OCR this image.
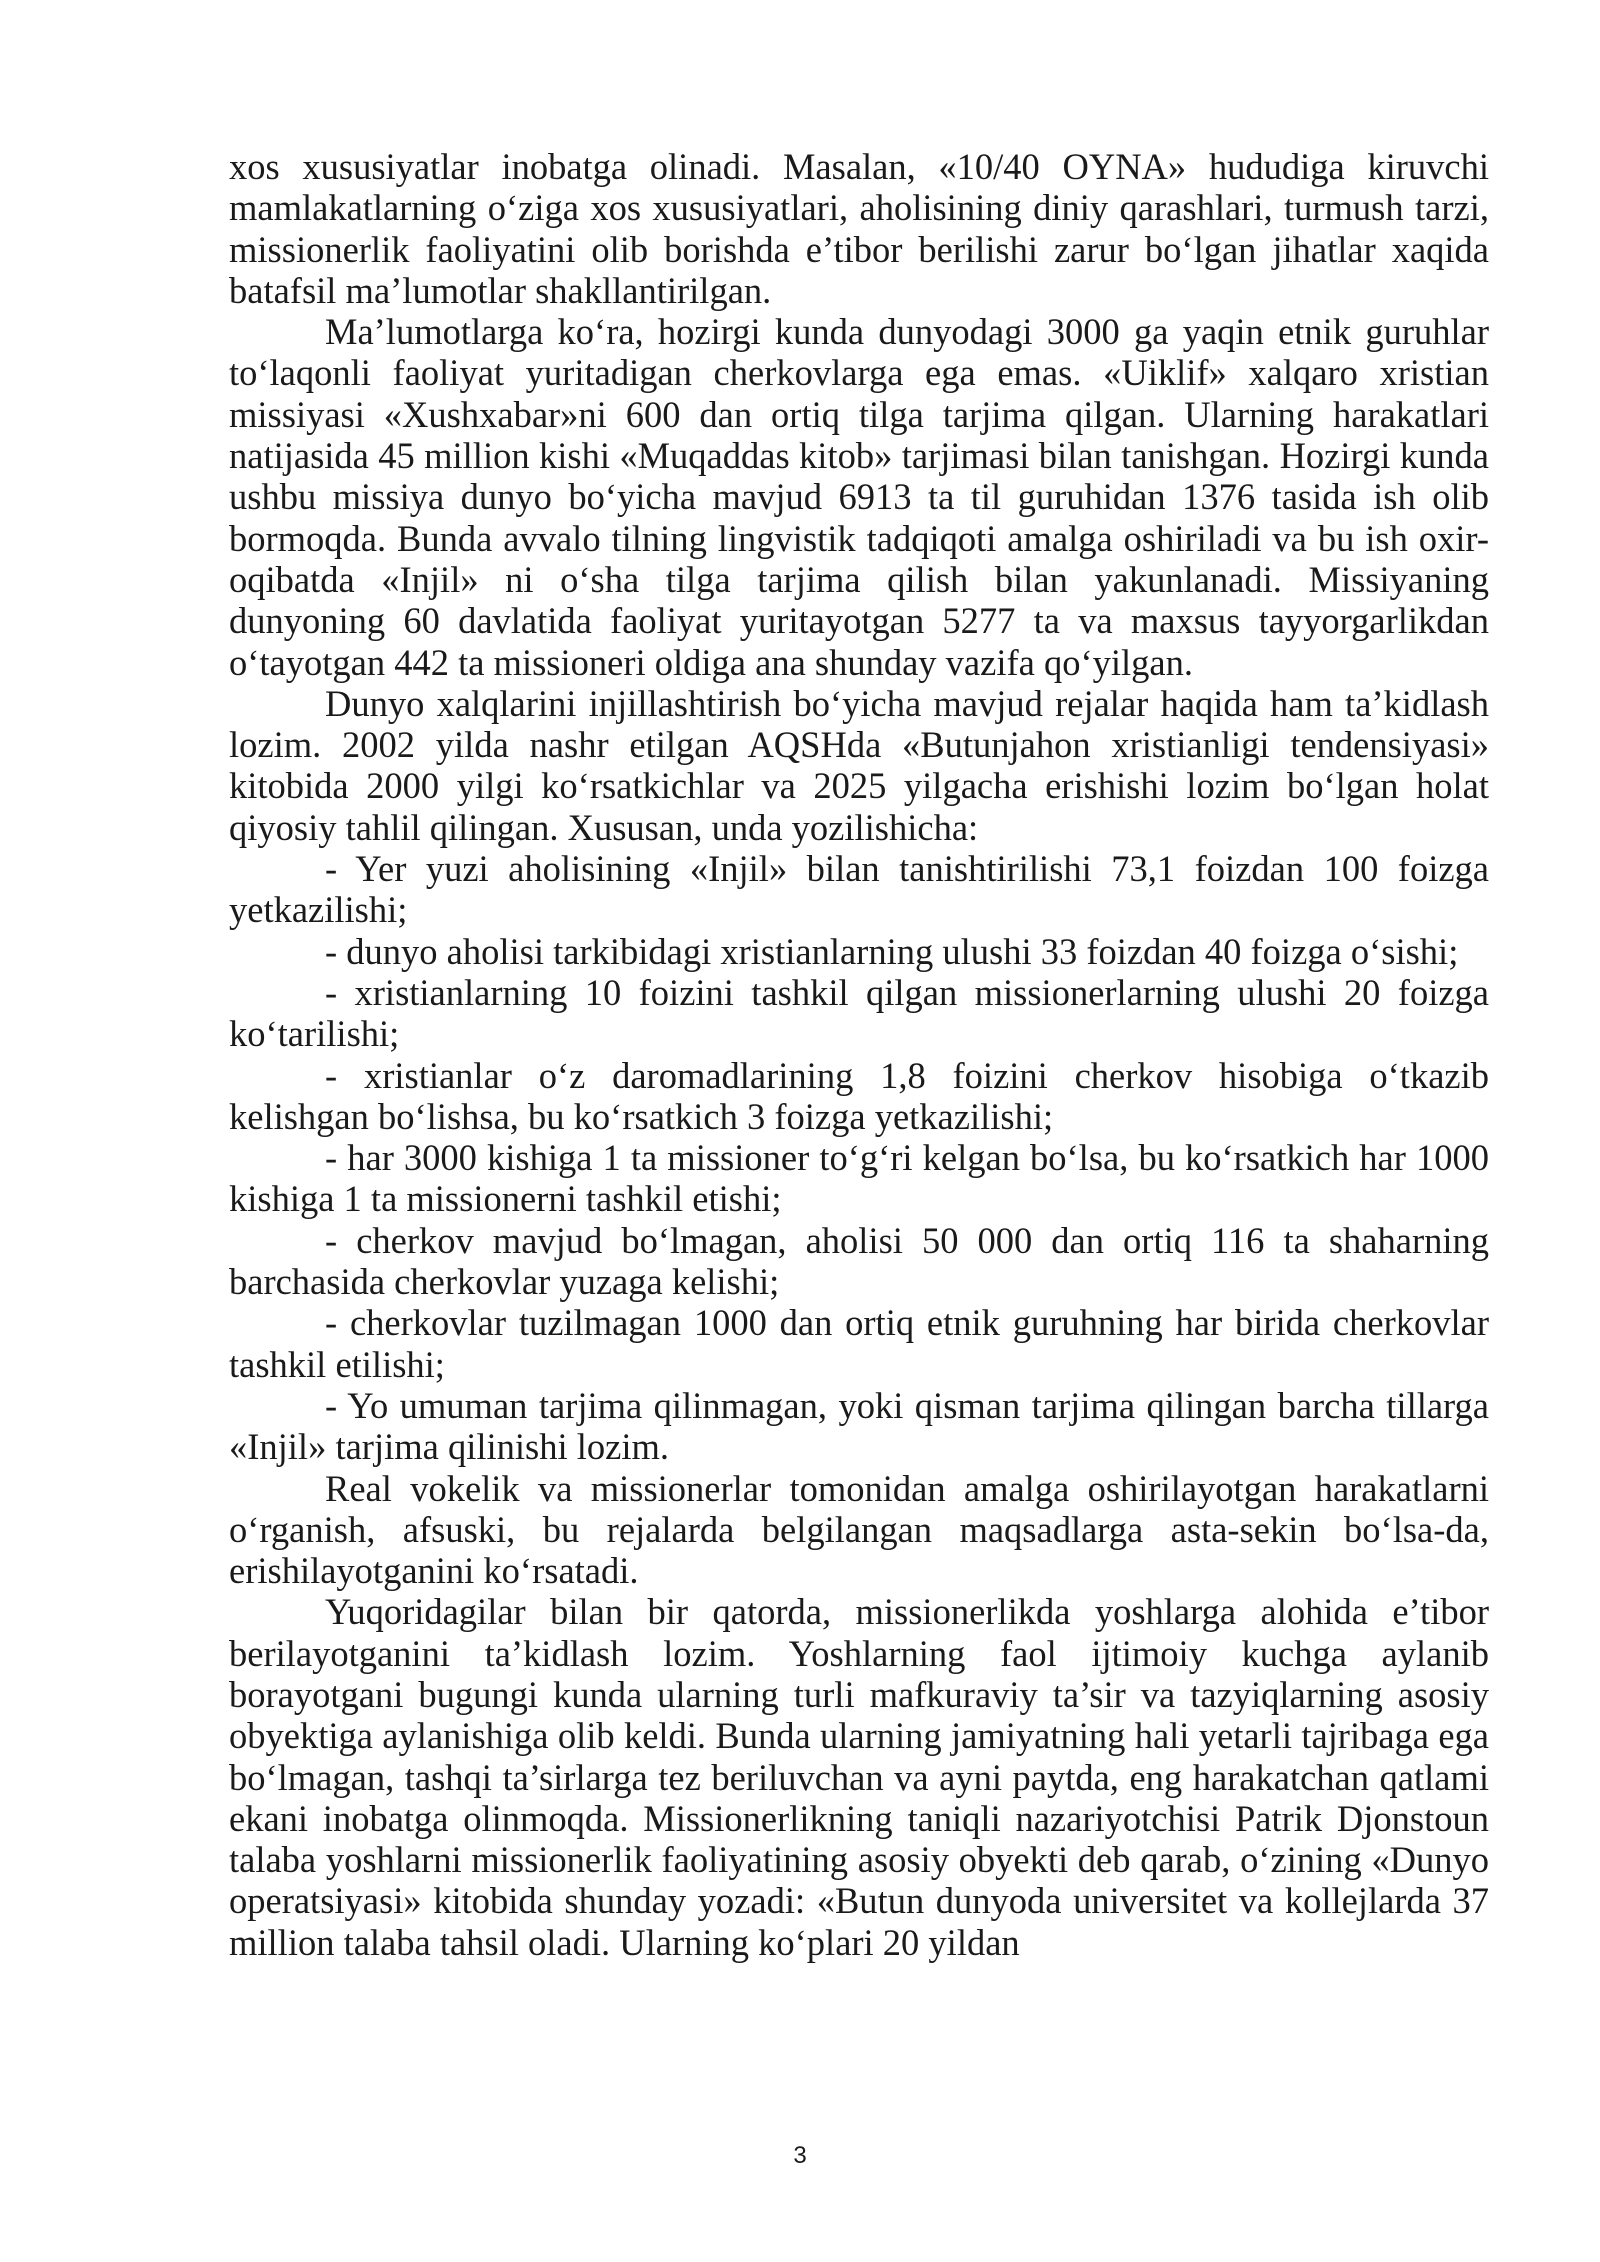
xos xususiyatlar inobatga olinadi. Masalan, «10/40 OYNA» hududiga kiruvchi mamlakatlarning o‘ziga xos xususiyatlari, aholisining diniy qarashlari, turmush tarzi, missionerlik faoliyatini olib borishda e’tibor berilishi zarur bo‘lgan jihatlar xaqida batafsil ma’lumotlar shakllantirilgan.

Ma’lumotlarga ko‘ra, hozirgi kunda dunyodagi 3000 ga yaqin etnik guruhlar to‘laqonli faoliyat yuritadigan cherkovlarga ega emas. «Uiklif» xalqaro xristian missiyasi «Xushxabar»ni 600 dan ortiq tilga tarjima qilgan. Ularning harakatlari natijasida 45 million kishi «Muqaddas kitob» tarjimasi bilan tanishgan. Hozirgi kunda ushbu missiya dunyo bo‘yicha mavjud 6913 ta til guruhidan 1376 tasida ish olib bormoqda. Bunda avvalo tilning lingvistik tadqiqoti amalga oshiriladi va bu ish oxir-oqibatda «Injil» ni o‘sha tilga tarjima qilish bilan yakunlanadi. Missiyaning dunyoning 60 davlatida faoliyat yuritayotgan 5277 ta va maxsus tayyorgarlikdan o‘tayotgan 442 ta missioneri oldiga ana shunday vazifa qo‘yilgan.

Dunyo xalqlarini injillashtirish bo‘yicha mavjud rejalar haqida ham ta’kidlash lozim. 2002 yilda nashr etilgan AQSHda «Butunjahon xristianligi tendensiyasi» kitobida 2000 yilgi ko‘rsatkichlar va 2025 yilgacha erishishi lozim bo‘lgan holat qiyosiy tahlil qilingan. Xususan, unda yozilishicha:

- Yer yuzi aholisining «Injil» bilan tanishtirilishi 73,1 foizdan 100 foizga yetkazilishi;

- dunyo aholisi tarkibidagi xristianlarning ulushi 33 foizdan 40 foizga o‘sishi;

- xristianlarning 10 foizini tashkil qilgan missionerlarning ulushi 20 foizga ko‘tarilishi;

- xristianlar o‘z daromadlarining 1,8 foizini cherkov hisobiga o‘tkazib kelishgan bo‘lishsa, bu ko‘rsatkich 3 foizga yetkazilishi;

- har 3000 kishiga 1 ta missioner to‘g‘ri kelgan bo‘lsa, bu ko‘rsatkich har 1000 kishiga 1 ta missionerni tashkil etishi;

- cherkov mavjud bo‘lmagan, aholisi 50 000 dan ortiq 116 ta shaharning barchasida cherkovlar yuzaga kelishi;

- cherkovlar tuzilmagan 1000 dan ortiq etnik guruhning har birida cherkovlar tashkil etilishi;

- Yo umuman tarjima qilinmagan, yoki qisman tarjima qilingan barcha tillarga «Injil» tarjima qilinishi lozim.

Real vokelik va missionerlar tomonidan amalga oshirilayotgan harakatlarni o‘rganish, afsuski, bu rejalarda belgilangan maqsadlarga asta-sekin bo‘lsa-da, erishilayotganini ko‘rsatadi.

Yuqoridagilar bilan bir qatorda, missionerlikda yoshlarga alohida e’tibor berilayotganini ta’kidlash lozim. Yoshlarning faol ijtimoiy kuchga aylanib borayotgani bugungi kunda ularning turli mafkuraviy ta’sir va tazyiqlarning asosiy obyektiga aylanishiga olib keldi. Bunda ularning jamiyatning hali yetarli tajribaga ega bo‘lmagan, tashqi ta’sirlarga tez beriluvchan va ayni paytda, eng harakatchan qatlami ekani inobatga olinmoqda. Missionerlikning taniqli nazariyotchisi Patrik Djonstoun talaba yoshlarni missionerlik faoliyatining asosiy obyekti deb qarab, o‘zining «Dunyo operatsiyasi» kitobida shunday yozadi: «Butun dunyoda universitet va kollejlarda 37 million talaba tahsil oladi. Ularning ko‘plari 20 yildan

3
